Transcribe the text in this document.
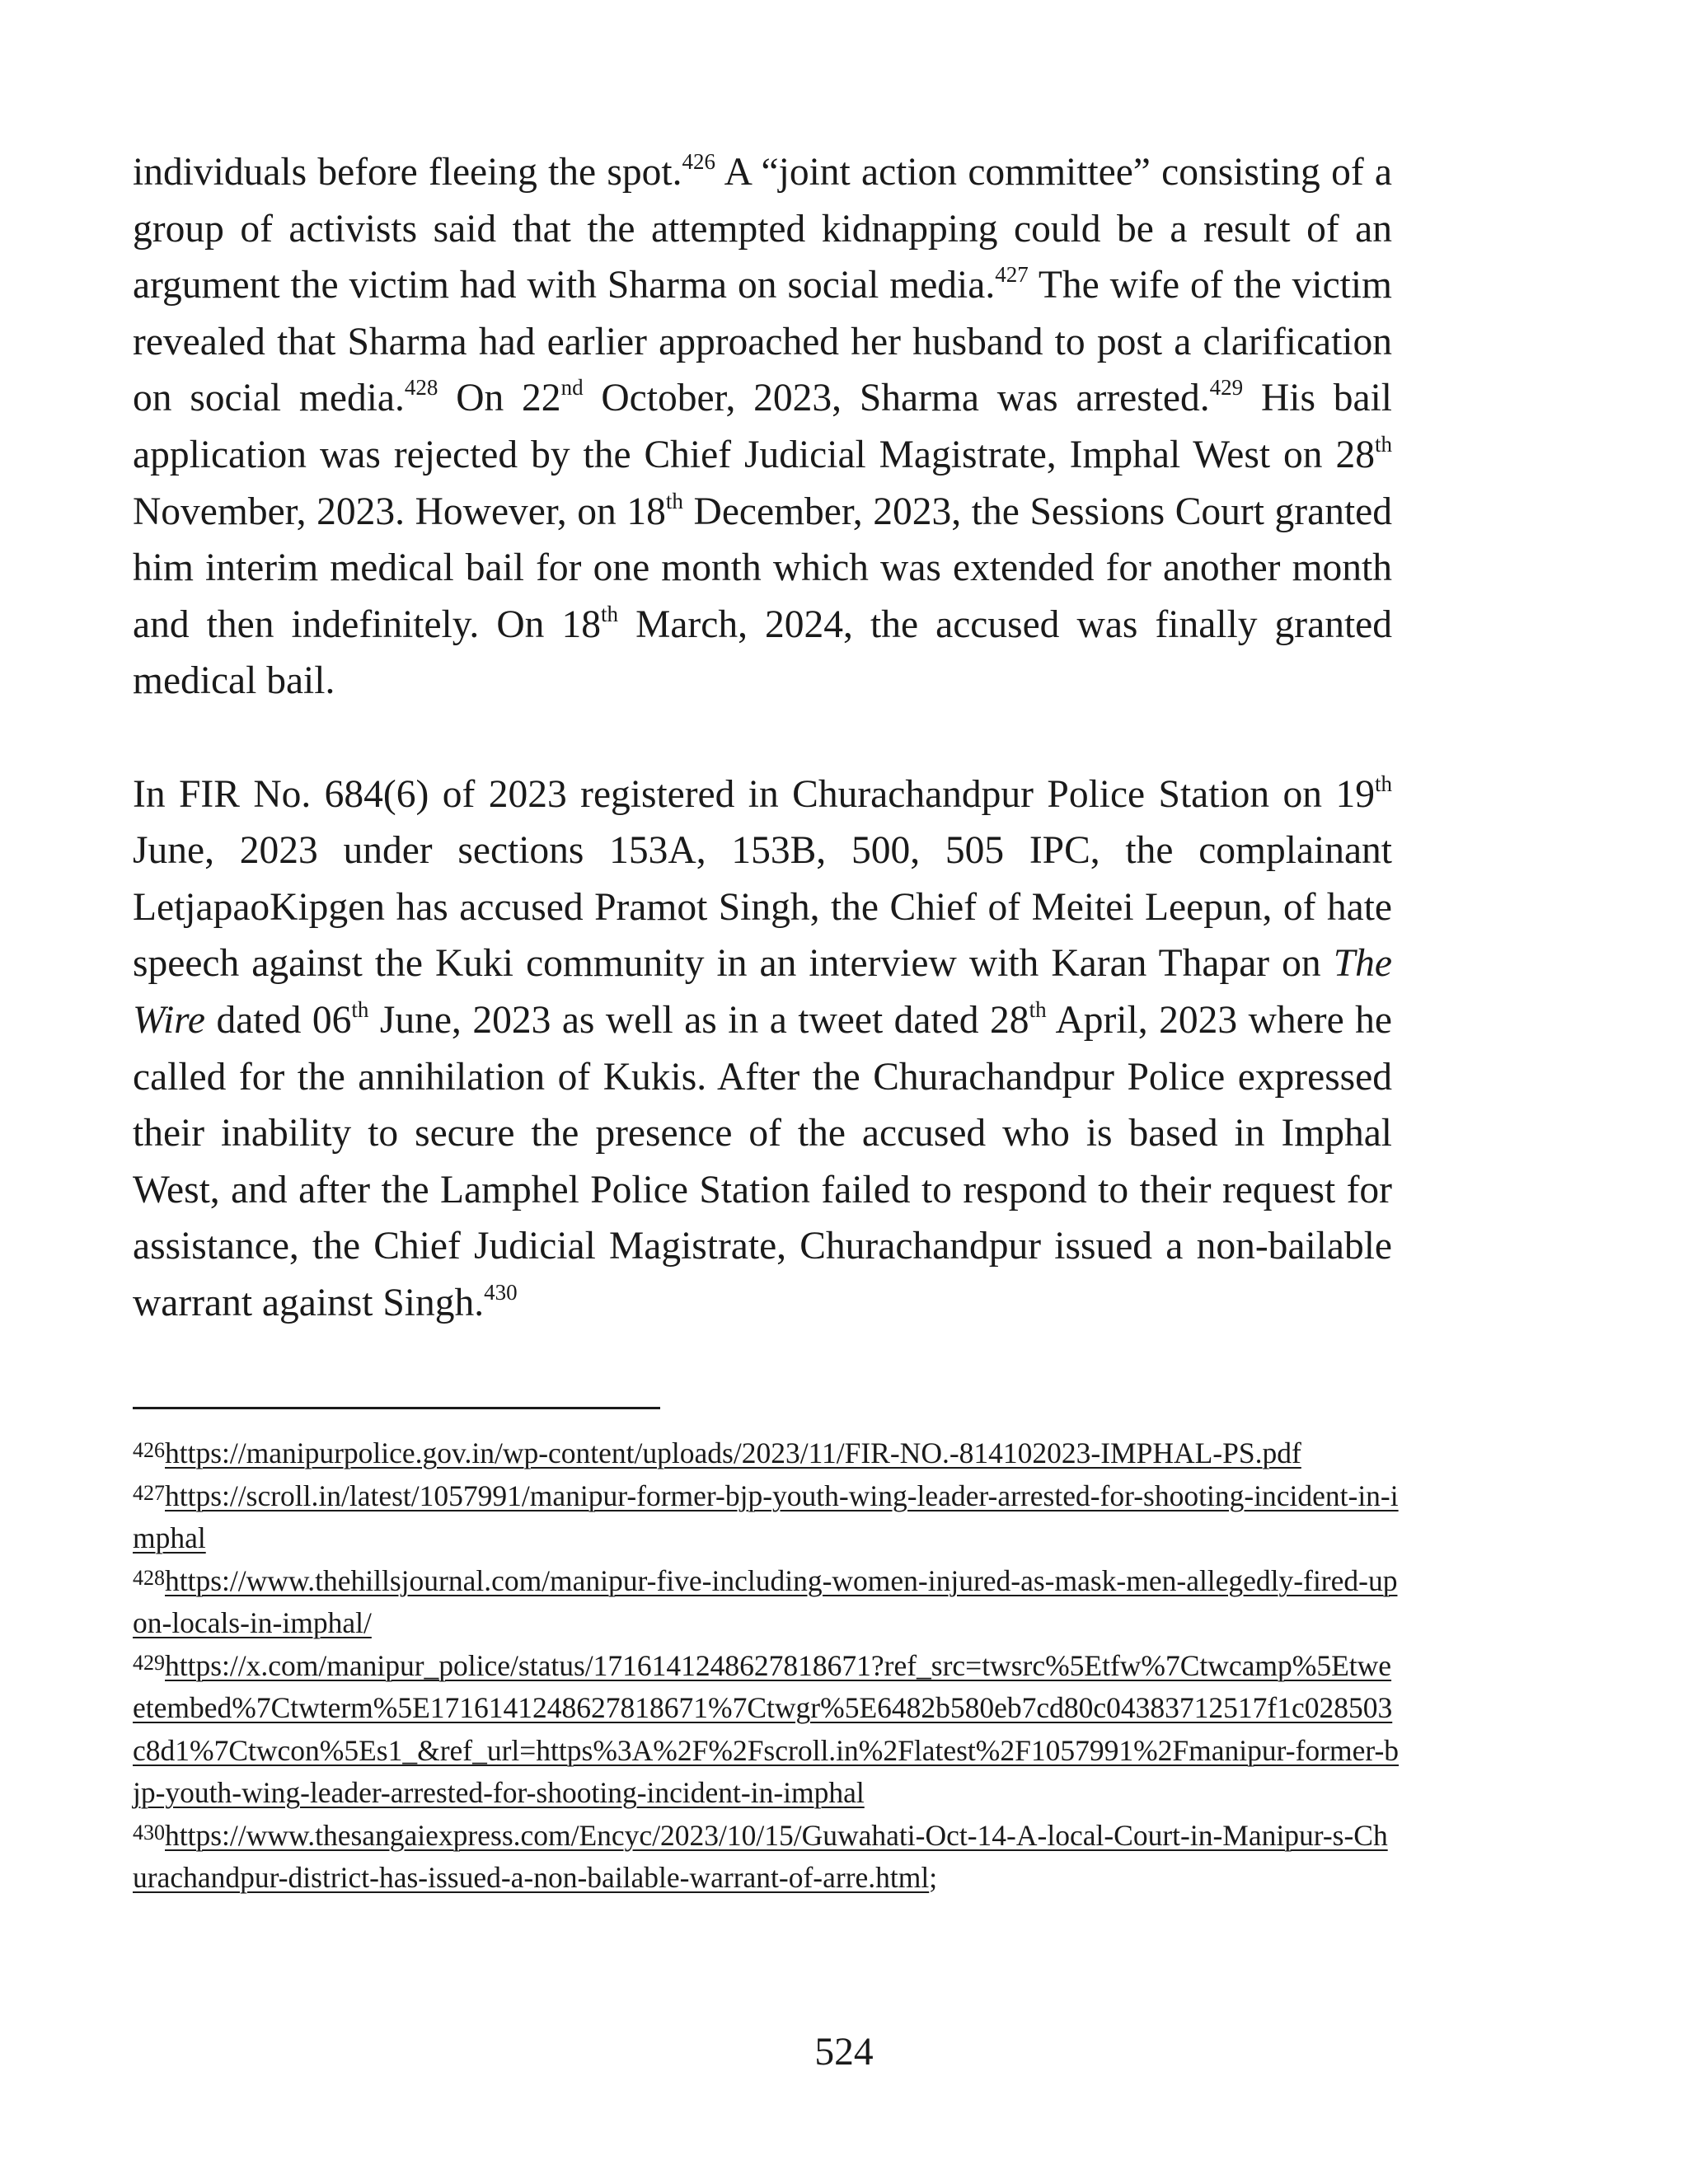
individuals before fleeing the spot.$^{426}$ A “joint action committee” consisting of a group of activists said that the attempted kidnapping could be a result of an argument the victim had with Sharma on social media.$^{427}$ The wife of the victim revealed that Sharma had earlier approached her husband to post a clarification on social media.$^{428}$ On 22nd October, 2023, Sharma was arrested.$^{429}$ His bail application was rejected by the Chief Judicial Magistrate, Imphal West on 28th November, 2023. However, on 18th December, 2023, the Sessions Court granted him interim medical bail for one month which was extended for another month and then indefinitely. On 18th March, 2024, the accused was finally granted medical bail.

In FIR No. 684(6) of 2023 registered in Churachandpur Police Station on 19th June, 2023 under sections 153A, 153B, 500, 505 IPC, the complainant LetjapaoKipgen has accused Pramot Singh, the Chief of Meitei Leepun, of hate speech against the Kuki community in an interview with Karan Thapar on The Wire dated 06th June, 2023 as well as in a tweet dated 28th April, 2023 where he called for the annihilation of Kukis. After the Churachandpur Police expressed their inability to secure the presence of the accused who is based in Imphal West, and after the Lamphel Police Station failed to respond to their request for assistance, the Chief Judicial Magistrate, Churachandpur issued a non-bailable warrant against Singh.$^{430}$

426https://manipurpolice.gov.in/wp-content/uploads/2023/11/FIR-NO.-814102023-IMPHAL-PS.pdf

427https://scroll.in/latest/1057991/manipur-former-bjp-youth-wing-leader-arrested-for-shooting-incident-in-imphal

428https://www.thehillsjournal.com/manipur-five-including-women-injured-as-mask-men-allegedly-fired-upon-locals-in-imphal/

429https://x.com/manipur_police/status/1716141248627818671?ref_src=twsrc%5Etfw%7Ctwcamp%5Etweetembed%7Ctwterm%5E1716141248627818671%7Ctwgr%5E6482b580eb7cd80c04383712517f1c028503c8d1%7Ctwcon%5Es1_&ref_url=https%3A%2F%2Fscroll.in%2Flatest%2F1057991%2Fmanipur-former-bjp-youth-wing-leader-arrested-for-shooting-incident-in-imphal

430https://www.thesangaiexpress.com/Encyc/2023/10/15/Guwahati-Oct-14-A-local-Court-in-Manipur-s-Churachandpur-district-has-issued-a-non-bailable-warrant-of-arre.html;

524
